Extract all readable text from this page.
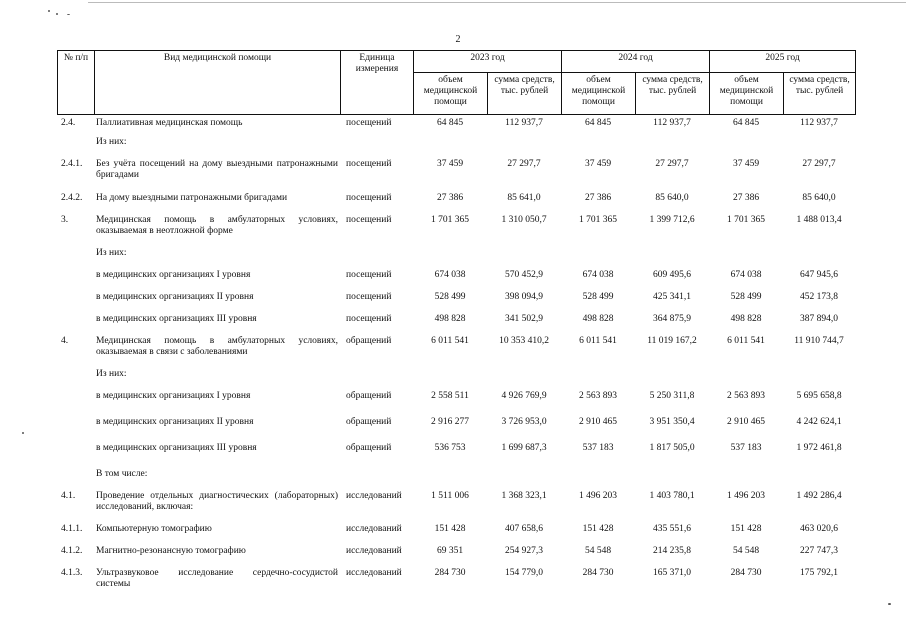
2
№ п/п	Вид медицинской помощи	Единица измерения	2023 год		2024 год		2025 год	
			объем медицинской помощи	сумма средств, тыс. рублей	объем медицинской помощи	сумма средств, тыс. рублей	объем медицинской помощи	сумма средств, тыс. рублей
2.4.	Паллиативная медицинская помощь	посещений	64 845	112 937,7	64 845	112 937,7	64 845	112 937,7
	Из них:							
2.4.1.	Без учёта посещений на дому выездными патронажными бригадами	посещений	37 459	27 297,7	37 459	27 297,7	37 459	27 297,7
2.4.2.	На дому выездными патронажными бригадами	посещений	27 386	85 641,0	27 386	85 640,0	27 386	85 640,0
3.	Медицинская помощь в амбулаторных условиях, оказываемая в неотложной форме	посещений	1 701 365	1 310 050,7	1 701 365	1 399 712,6	1 701 365	1 488 013,4
	Из них:							
	в медицинских организациях I уровня	посещений	674 038	570 452,9	674 038	609 495,6	674 038	647 945,6
	в медицинских организациях II уровня	посещений	528 499	398 094,9	528 499	425 341,1	528 499	452 173,8
	в медицинских организациях III уровня	посещений	498 828	341 502,9	498 828	364 875,9	498 828	387 894,0
4.	Медицинская помощь в амбулаторных условиях, оказываемая в связи с заболеваниями	обращений	6 011 541	10 353 410,2	6 011 541	11 019 167,2	6 011 541	11 910 744,7
	Из них:							
	в медицинских организациях I уровня	обращений	2 558 511	4 926 769,9	2 563 893	5 250 311,8	2 563 893	5 695 658,8
	в медицинских организациях II уровня	обращений	2 916 277	3 726 953,0	2 910 465	3 951 350,4	2 910 465	4 242 624,1
	в медицинских организациях III уровня	обращений	536 753	1 699 687,3	537 183	1 817 505,0	537 183	1 972 461,8
	В том числе:							
4.1.	Проведение отдельных диагностических (лабораторных) исследований, включая:	исследований	1 511 006	1 368 323,1	1 496 203	1 403 780,1	1 496 203	1 492 286,4
4.1.1.	Компьютерную томографию	исследований	151 428	407 658,6	151 428	435 551,6	151 428	463 020,6
4.1.2.	Магнитно-резонансную томографию	исследований	69 351	254 927,3	54 548	214 235,8	54 548	227 747,3
4.1.3.	Ультразвуковое исследование сердечно-сосудистой системы	исследований	284 730	154 779,0	284 730	165 371,0	284 730	175 792,1
